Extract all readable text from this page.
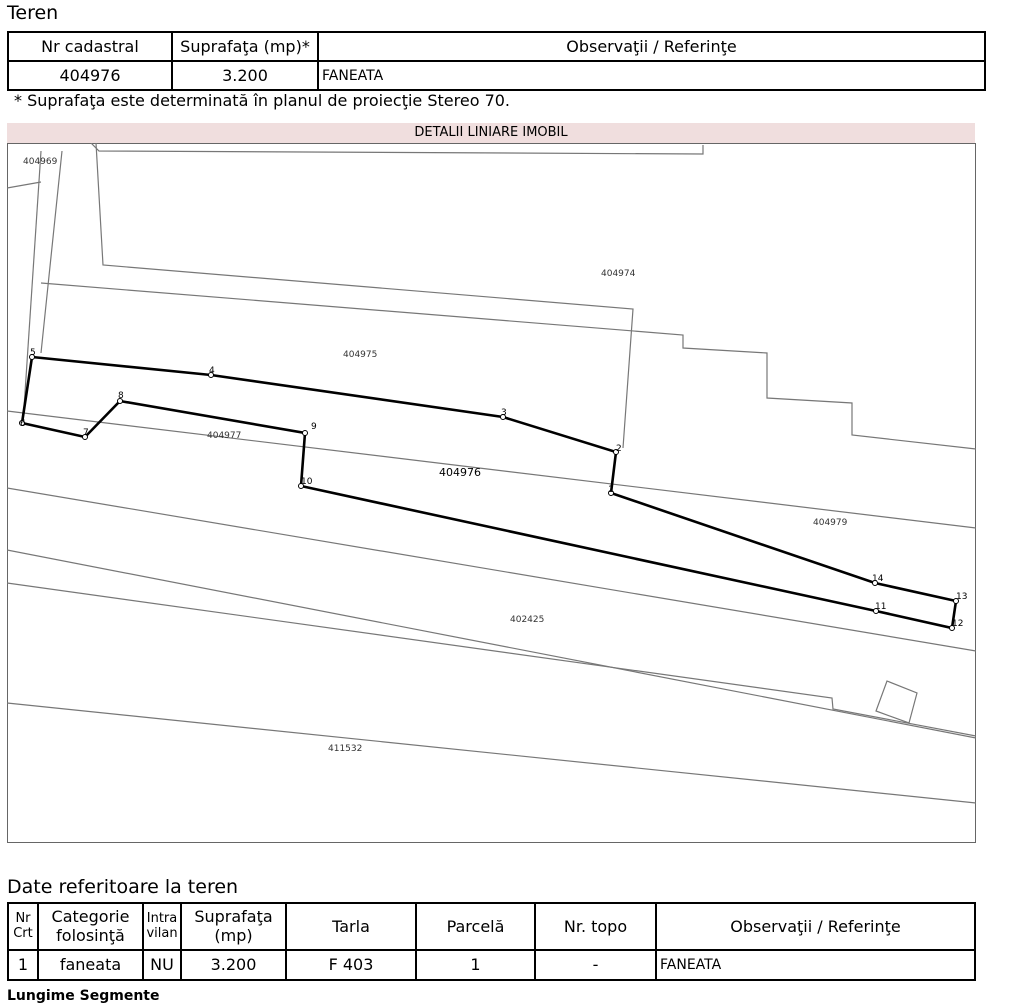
Teren
Nr cadastral	Suprafaţa (mp)*	Observaţii / Referinţe
404976	3.200	FANEATA
* Suprafaţa este determinată în planul de proiecţie Stereo 70.
DETALII LINIARE IMOBIL
404969
404974
404975
404977
404976
404979
402425
411532
1
2
3
4
5
6
7
8
9
10
11
12
13
14
Date referitoare la teren
Nr Crt	Categorie folosinţă	Intra vilan	Suprafaţa (mp)	Tarla	Parcelă	Nr. topo	Observaţii / Referinţe
1	faneata	NU	3.200	F 403	1	-	FANEATA
Lungime Segmente
